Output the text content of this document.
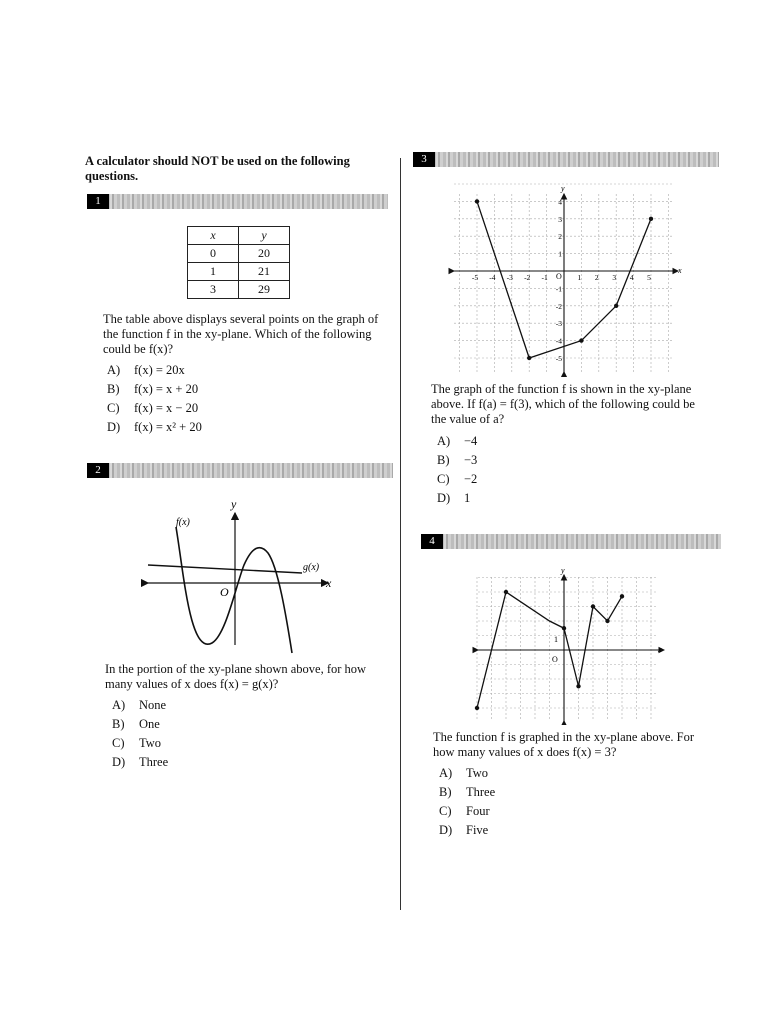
A calculator should NOT be used on the following questions.
1
x	y
0	20
1	21
3	29
The table above displays several points on the graph of the function f in the xy-plane. Which of the following could be f(x)?
A) f(x) = 20x
B) f(x) = x + 20
C) f(x) = x − 20
D) f(x) = x² + 20
2
y
x
O
g(x)
f(x)
In the portion of the xy-plane shown above, for how many values of x does f(x) = g(x)?
A) None
B) One
C) Two
D) Three
3
y
x
O
-5 -4 -3 -2 -1	1 2 3 4 5
4
3
2
1
-1
-2
-3
-4
-5
The graph of the function f is shown in the xy-plane above. If f(a) = f(3), which of the following could be the value of a?
A) −4
B) −3
C) −2
D) 1
4
y
x
O
1
The function f is graphed in the xy-plane above. For how many values of x does f(x) = 3?
A) Two
B) Three
C) Four
D) Five
